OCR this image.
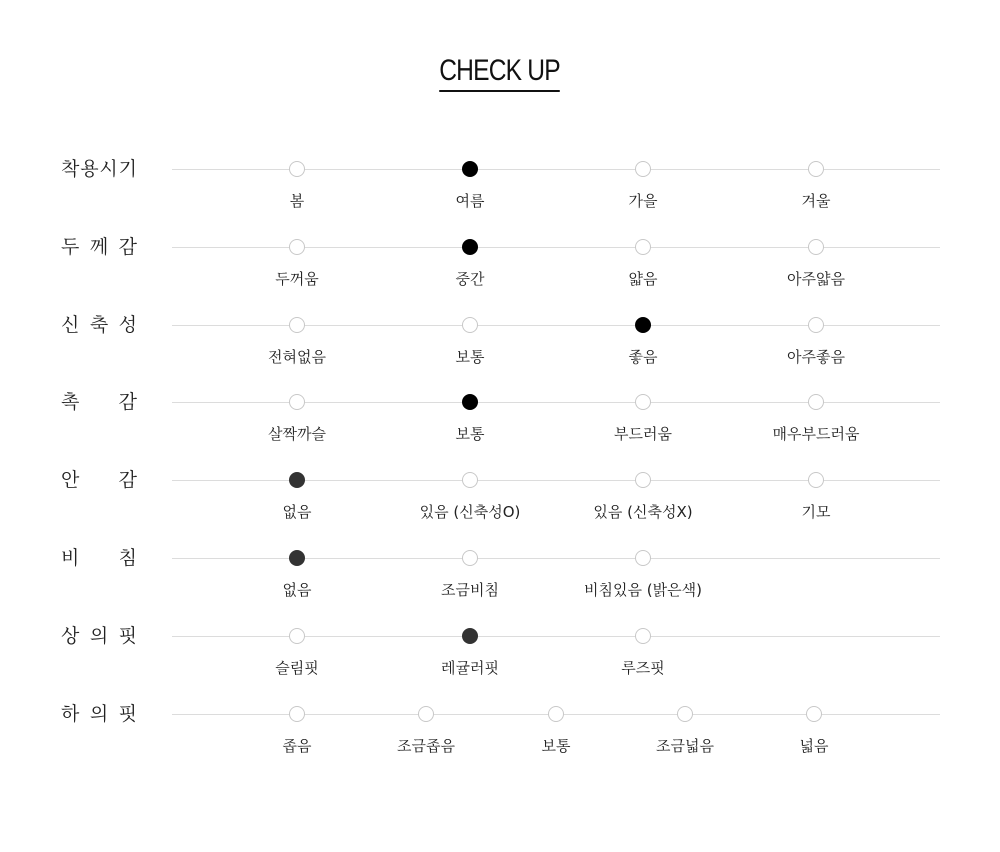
CHECK UP
착 용 시 기
봄	여름	가을	겨울
두 께 감
두꺼움	중간	얇음	아주얇음
신 축 성
전혀없음	보통	좋음	아주좋음
촉 감
살짝까슬	보통	부드러움	매우부드러움
안 감
없음	있음 (신축성O)	있음 (신축성X)	기모
비 침
없음	조금비침	비침있음 (밝은색)
상 의 핏
슬림핏	레귤러핏	루즈핏
하 의 핏
좁음	조금좁음	보통	조금넓음	넓음
